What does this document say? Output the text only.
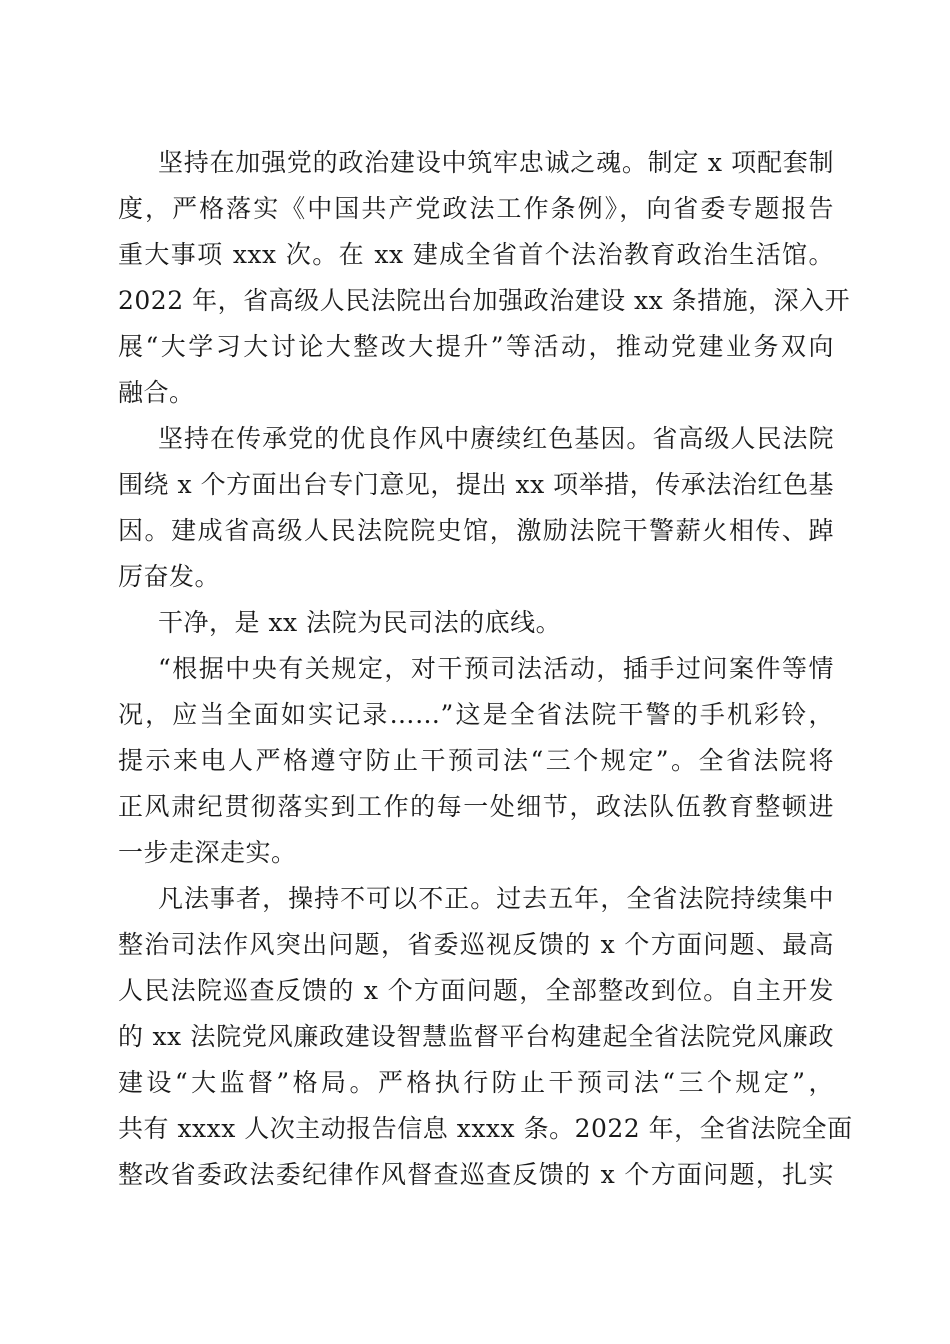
坚持在加强党的政治建设中筑牢忠诚之魂。制定 x 项配套制
度，严格落实《中国共产党政法工作条例》，向省委专题报告
重大事项 xxx 次。在 xx 建成全省首个法治教育政治生活馆。
2022 年，省高级人民法院出台加强政治建设 xx 条措施，深入开
展“大学习大讨论大整改大提升”等活动，推动党建业务双向
融合。
坚持在传承党的优良作风中赓续红色基因。省高级人民法院
围绕 x 个方面出台专门意见，提出 xx 项举措，传承法治红色基
因。建成省高级人民法院院史馆，激励法院干警薪火相传、踔
厉奋发。
干净，是 xx 法院为民司法的底线。
“根据中央有关规定，对干预司法活动，插手过问案件等情
况，应当全面如实记录……”这是全省法院干警的手机彩铃，
提示来电人严格遵守防止干预司法“三个规定”。全省法院将
正风肃纪贯彻落实到工作的每一处细节，政法队伍教育整顿进
一步走深走实。
凡法事者，操持不可以不正。过去五年，全省法院持续集中
整治司法作风突出问题，省委巡视反馈的 x 个方面问题、最高
人民法院巡查反馈的 x 个方面问题，全部整改到位。自主开发
的 xx 法院党风廉政建设智慧监督平台构建起全省法院党风廉政
建设“大监督”格局。严格执行防止干预司法“三个规定”，
共有 xxxx 人次主动报告信息 xxxx 条。2022 年，全省法院全面
整改省委政法委纪律作风督查巡查反馈的 x 个方面问题，扎实
